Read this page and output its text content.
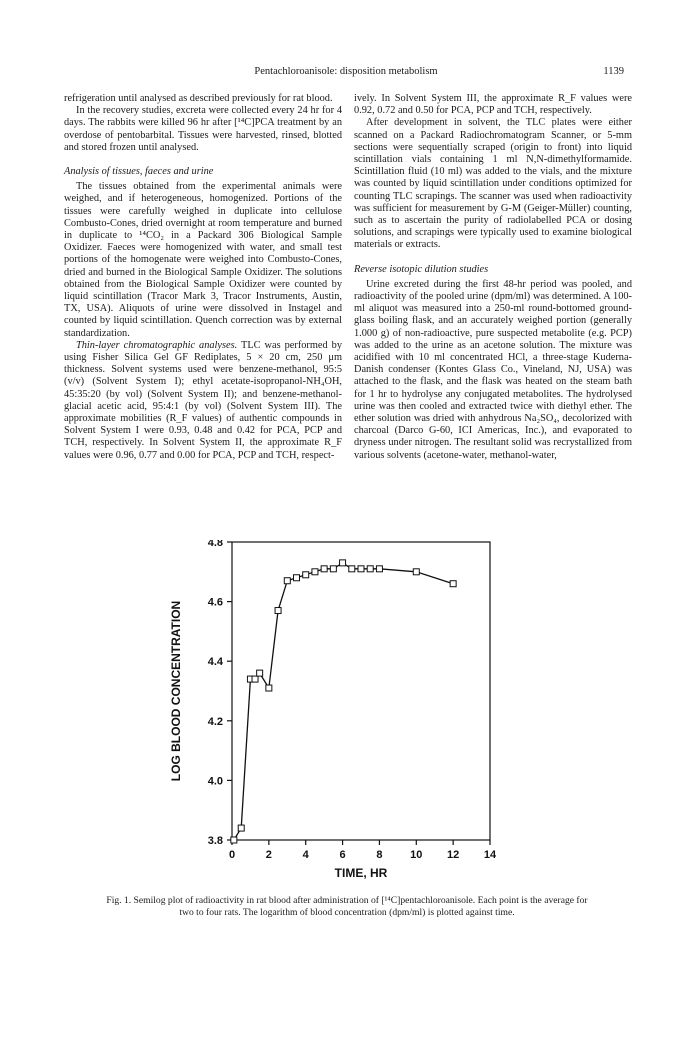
Pentachloroanisole: disposition metabolism	1139

refrigeration until analysed as described previously for rat blood.

In the recovery studies, excreta were collected every 24 hr for 4 days. The rabbits were killed 96 hr after [¹⁴C]PCA treatment by an overdose of pentobarbital. Tissues were harvested, rinsed, blotted and stored frozen until analysed.

Analysis of tissues, faeces and urine

The tissues obtained from the experimental animals were weighed, and if heterogeneous, homogenized. Portions of the tissues were carefully weighed in duplicate into cellulose Combusto-Cones, dried overnight at room temperature and burned in duplicate to ¹⁴CO₂ in a Packard 306 Biological Sample Oxidizer. Faeces were homogenized with water, and small test portions of the homogenate were weighed into Combusto-Cones, dried and burned in the Biological Sample Oxidizer. The solutions obtained from the Biological Sample Oxidizer were counted by liquid scintillation (Tracor Mark 3, Tracor Instruments, Austin, TX, USA). Aliquots of urine were dissolved in Instagel and counted by liquid scintillation. Quench correction was by external standardization.

Thin-layer chromatographic analyses. TLC was performed by using Fisher Silica Gel GF Rediplates, 5 × 20 cm, 250 μm thickness. Solvent systems used were benzene-methanol, 95:5 (v/v) (Solvent System I); ethyl acetate-isopropanol-NH₄OH, 45:35:20 (by vol) (Solvent System II); and benzene-methanol-glacial acetic acid, 95:4:1 (by vol) (Solvent System III). The approximate mobilities (R_F values) of authentic compounds in Solvent System I were 0.93, 0.48 and 0.42 for PCA, PCP and TCH, respectively. In Solvent System II, the approximate R_F values were 0.96, 0.77 and 0.00 for PCA, PCP and TCH, respect-

ively. In Solvent System III, the approximate R_F values were 0.92, 0.72 and 0.50 for PCA, PCP and TCH, respectively.

After development in solvent, the TLC plates were either scanned on a Packard Radiochromatogram Scanner, or 5-mm sections were sequentially scraped (origin to front) into liquid scintillation vials containing 1 ml N,N-dimethylformamide. Scintillation fluid (10 ml) was added to the vials, and the mixture was counted by liquid scintillation under conditions optimized for counting TLC scrapings. The scanner was used when radioactivity was sufficient for measurement by G-M (Geiger-Müller) counting, such as to ascertain the purity of radiolabelled PCA or dosing solutions, and scrapings were typically used to examine biological materials or extracts.

Reverse isotopic dilution studies

Urine excreted during the first 48-hr period was pooled, and radioactivity of the pooled urine (dpm/ml) was determined. A 100-ml aliquot was measured into a 250-ml round-bottomed ground-glass boiling flask, and an accurately weighed portion (generally 1.000 g) of non-radioactive, pure suspected metabolite (e.g. PCP) was added to the urine as an acetone solution. The mixture was acidified with 10 ml concentrated HCl, a three-stage Kuderna-Danish condenser (Kontes Glass Co., Vineland, NJ, USA) was attached to the flask, and the flask was heated on the steam bath for 1 hr to hydrolyse any conjugated metabolites. The hydrolysed urine was then cooled and extracted twice with diethyl ether. The ether solution was dried with anhydrous Na₂SO₄, decolorized with charcoal (Darco G-60, ICI Americas, Inc.), and evaporated to dryness under nitrogen. The resultant solid was recrystallized from various solvents (acetone-water, methanol-water,

3.8
4.0
4.2
4.4
4.6
4.8
0	2	4	6	8	10 12 14
TIME, HR
LOG BLOOD CONCENTRATION
Fig. 1. Semilog plot of radioactivity in rat blood after administration of [¹⁴C]pentachloroanisole. Each point is the average for two to four rats. The logarithm of blood concentration (dpm/ml) is plotted against time.
